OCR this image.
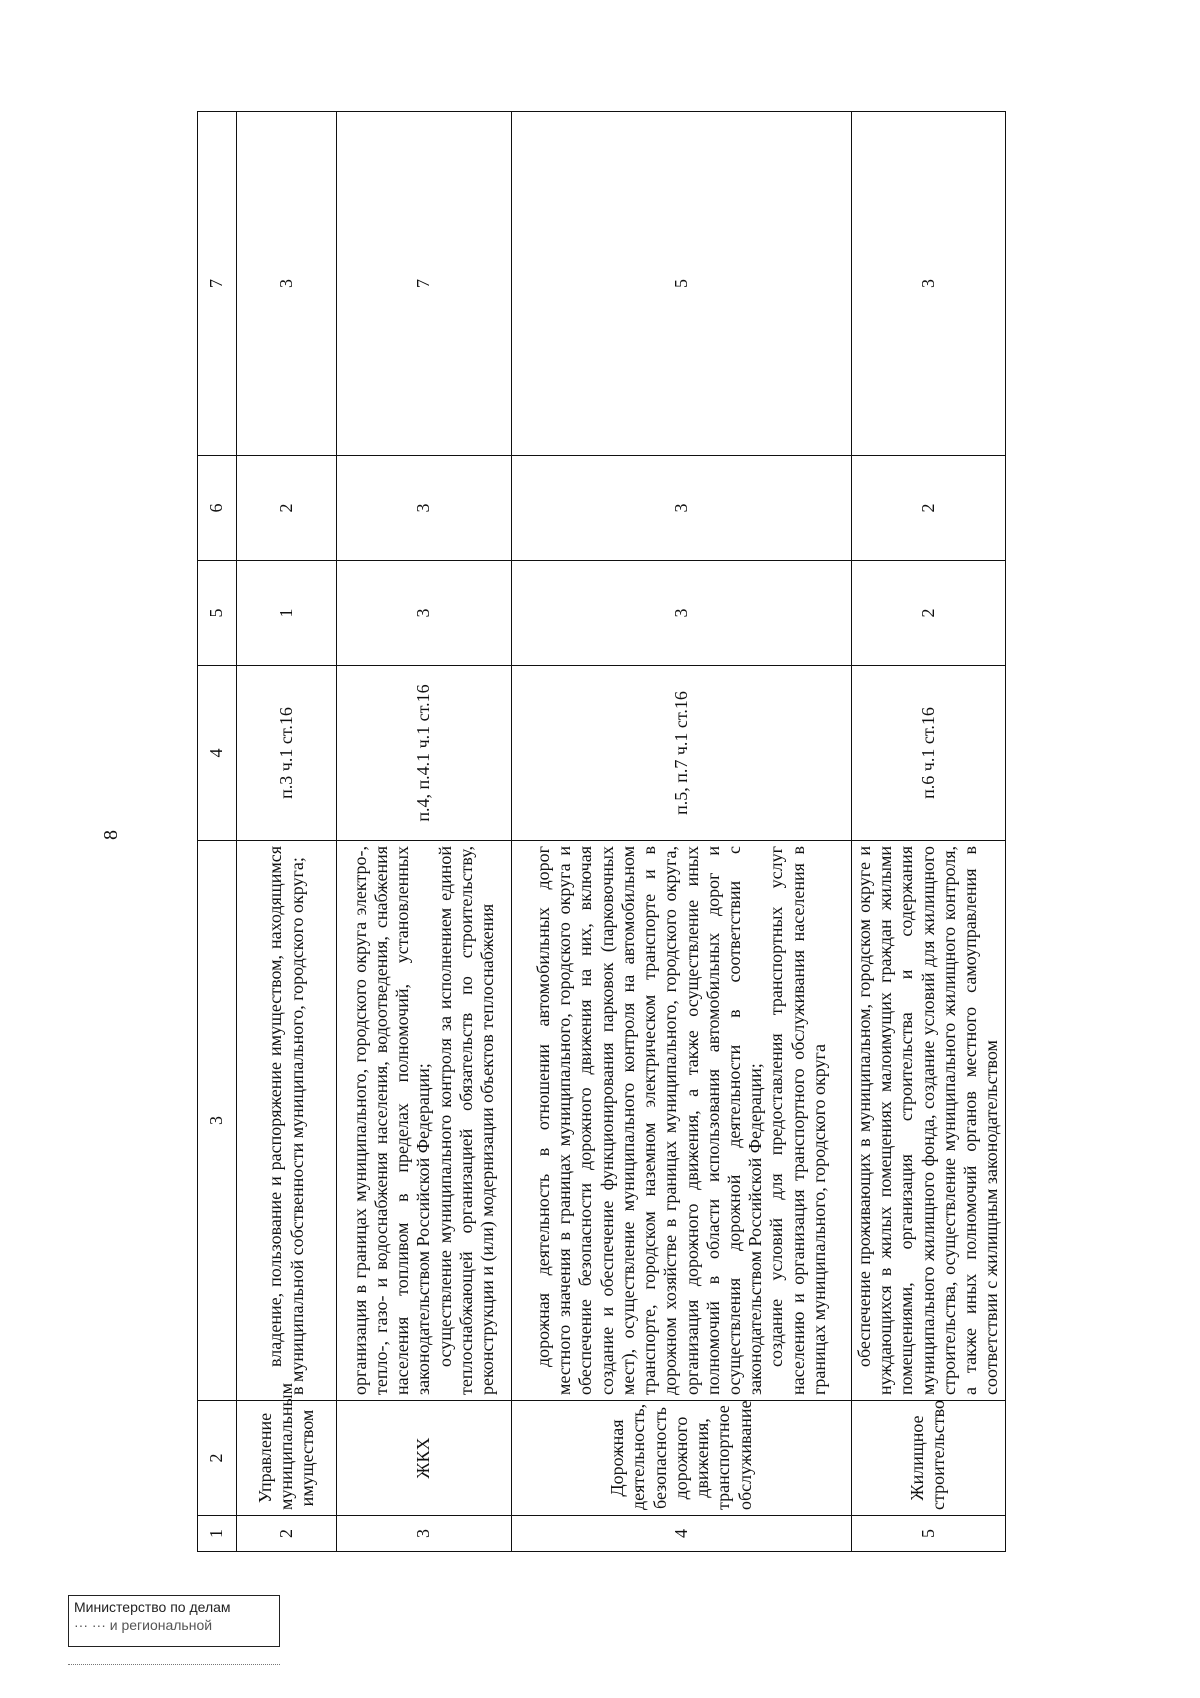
8
1	2	3	4	5	6	7
2	Управление муниципальным имуществом	владение, пользование и распоряжение имуществом, находящимся в муниципальной собственности муниципального, городского округа;	п.3 ч.1 ст.16	1	2	3
3	ЖКХ	организация в границах муниципального, городского округа электро-, тепло-, газо- и водоснабжения населения, водоотведения, снабжения населения топливом в пределах полномочий, установленных законодательством Российской Федерации; осуществление муниципального контроля за исполнением единой теплоснабжающей организацией обязательств по строительству, реконструкции и (или) модернизации объектов теплоснабжения	п.4, п.4.1 ч.1 ст.16	3	3	7
4	Дорожная деятельность, безопасность дорожного движения, транспортное обслуживание	дорожная деятельность в отношении автомобильных дорог местного значения в границах муниципального, городского округа и обеспечение безопасности дорожного движения на них, включая создание и обеспечение функционирования парковок (парковочных мест), осуществление муниципального контроля на автомобильном транспорте, городском наземном электрическом транспорте и в дорожном хозяйстве в границах муниципального, городского округа, организация дорожного движения, а также осуществление иных полномочий в области использования автомобильных дорог и осуществления дорожной деятельности в соответствии с законодательством Российской Федерации; создание условий для предоставления транспортных услуг населению и организация транспортного обслуживания населения в границах муниципального, городского округа	п.5, п.7 ч.1 ст.16	3	3	5
5	Жилищное строительство	обеспечение проживающих в муниципальном, городском округе и нуждающихся в жилых помещениях малоимущих граждан жилыми помещениями, организация строительства и содержания муниципального жилищного фонда, создание условий для жилищного строительства, осуществление муниципального жилищного контроля, а также иных полномочий органов местного самоуправления в соответствии с жилищным законодательством	п.6 ч.1 ст.16	2	2	3
Министерство по делам
··· ··· и региональной
